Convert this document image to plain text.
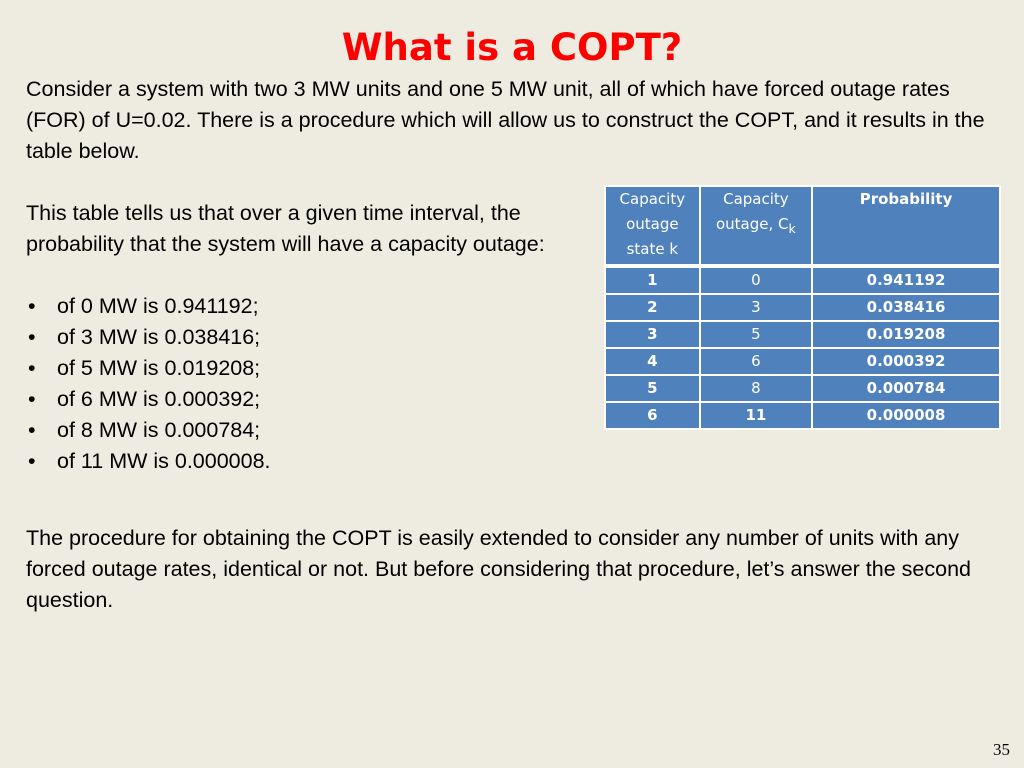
What is a COPT?

Consider a system with two 3 MW units and one 5 MW unit, all of which have forced outage rates (FOR) of U=0.02. There is a procedure which will allow us to construct the COPT, and it results in the table below.

This table tells us that over a given time interval, the probability that the system will have a capacity outage:

• of 0 MW is 0.941192;
• of 3 MW is 0.038416;
• of 5 MW is 0.019208;
• of 6 MW is 0.000392;
• of 8 MW is 0.000784;
• of 11 MW is 0.000008.
Capacity outage state k	Capacity outage, $C_k$	Probability
1	0	0.941192
2	3	0.038416
3	5	0.019208
4	6	0.000392
5	8	0.000784
6	11	0.000008

The procedure for obtaining the COPT is easily extended to consider any number of units with any forced outage rates, identical or not. But before considering that procedure, let’s answer the second question.

35
